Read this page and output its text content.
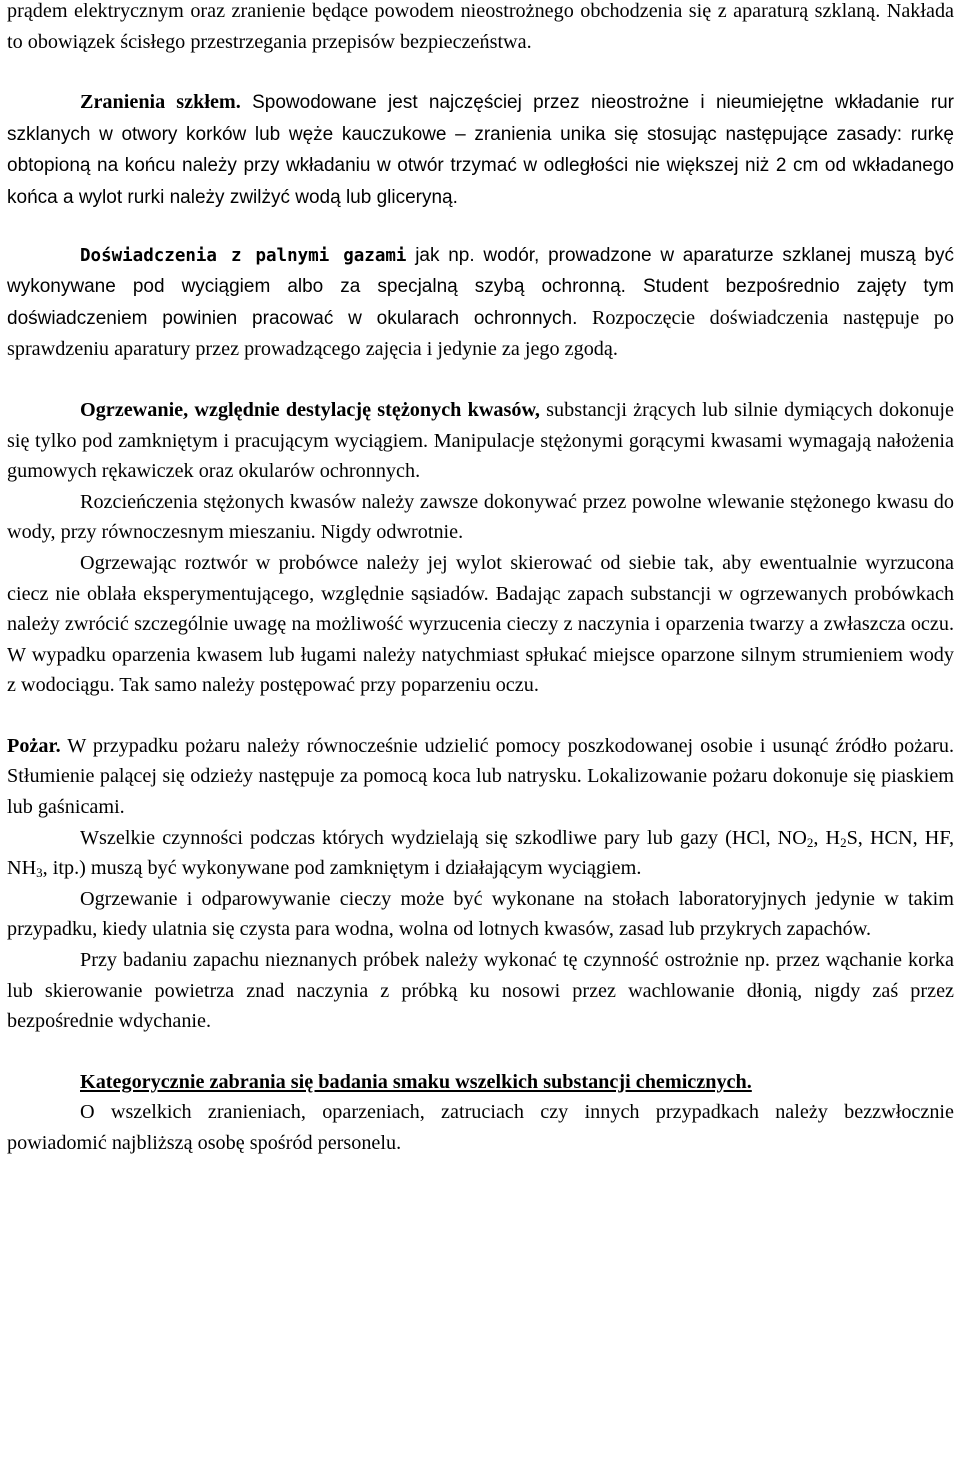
prądem elektrycznym oraz zranienie będące powodem nieostrożnego obchodzenia się z aparaturą szklaną. Nakłada to obowiązek ścisłego przestrzegania przepisów bezpieczeństwa.

Zranienia szkłem. Spowodowane jest najczęściej przez nieostrożne i nieumiejętne wkładanie rur szklanych w otwory korków lub węże kauczukowe – zranienia unika się stosując następujące zasady: rurkę obtopioną na końcu należy przy wkładaniu w otwór trzymać w odległości nie większej niż 2 cm od wkładanego końca a wylot rurki należy zwilżyć wodą lub gliceryną.

Doświadczenia z palnymi gazami jak np. wodór, prowadzone w aparaturze szklanej muszą być wykonywane pod wyciągiem albo za specjalną szybą ochronną. Student bezpośrednio zajęty tym doświadczeniem powinien pracować w okularach ochronnych. Rozpoczęcie doświadczenia następuje po sprawdzeniu aparatury przez prowadzącego zajęcia i jedynie za jego zgodą.

Ogrzewanie, względnie destylację stężonych kwasów, substancji żrących lub silnie dymiących dokonuje się tylko pod zamkniętym i pracującym wyciągiem. Manipulacje stężonymi gorącymi kwasami wymagają nałożenia gumowych rękawiczek oraz okularów ochronnych.

Rozcieńczenia stężonych kwasów należy zawsze dokonywać przez powolne wlewanie stężonego kwasu do wody, przy równoczesnym mieszaniu. Nigdy odwrotnie.

Ogrzewając roztwór w probówce należy jej wylot skierować od siebie tak, aby ewentualnie wyrzucona ciecz nie oblała eksperymentującego, względnie sąsiadów. Badając zapach substancji w ogrzewanych probówkach należy zwrócić szczególnie uwagę na możliwość wyrzucenia cieczy z naczynia i oparzenia twarzy a zwłaszcza oczu. W wypadku oparzenia kwasem lub ługami należy natychmiast spłukać miejsce oparzone silnym strumieniem wody z wodociągu. Tak samo należy postępować przy poparzeniu oczu.

Pożar. W przypadku pożaru należy równocześnie udzielić pomocy poszkodowanej osobie i usunąć źródło pożaru. Stłumienie palącej się odzieży następuje za pomocą koca lub natrysku. Lokalizowanie pożaru dokonuje się piaskiem lub gaśnicami.

Wszelkie czynności podczas których wydzielają się szkodliwe pary lub gazy (HCl, $NO_2$, $H_2S$, HCN, HF, $NH_3$, itp.) muszą być wykonywane pod zamkniętym i działającym wyciągiem.

Ogrzewanie i odparowywanie cieczy może być wykonane na stołach laboratoryjnych jedynie w takim przypadku, kiedy ulatnia się czysta para wodna, wolna od lotnych kwasów, zasad lub przykrych zapachów.

Przy badaniu zapachu nieznanych próbek należy wykonać tę czynność ostrożnie np. przez wąchanie korka lub skierowanie powietrza znad naczynia z próbką ku nosowi przez wachlowanie dłonią, nigdy zaś przez bezpośrednie wdychanie.

Kategorycznie zabrania się badania smaku wszelkich substancji chemicznych.

O wszelkich zranieniach, oparzeniach, zatruciach czy innych przypadkach należy bezzwłocznie powiadomić najbliższą osobę spośród personelu.
